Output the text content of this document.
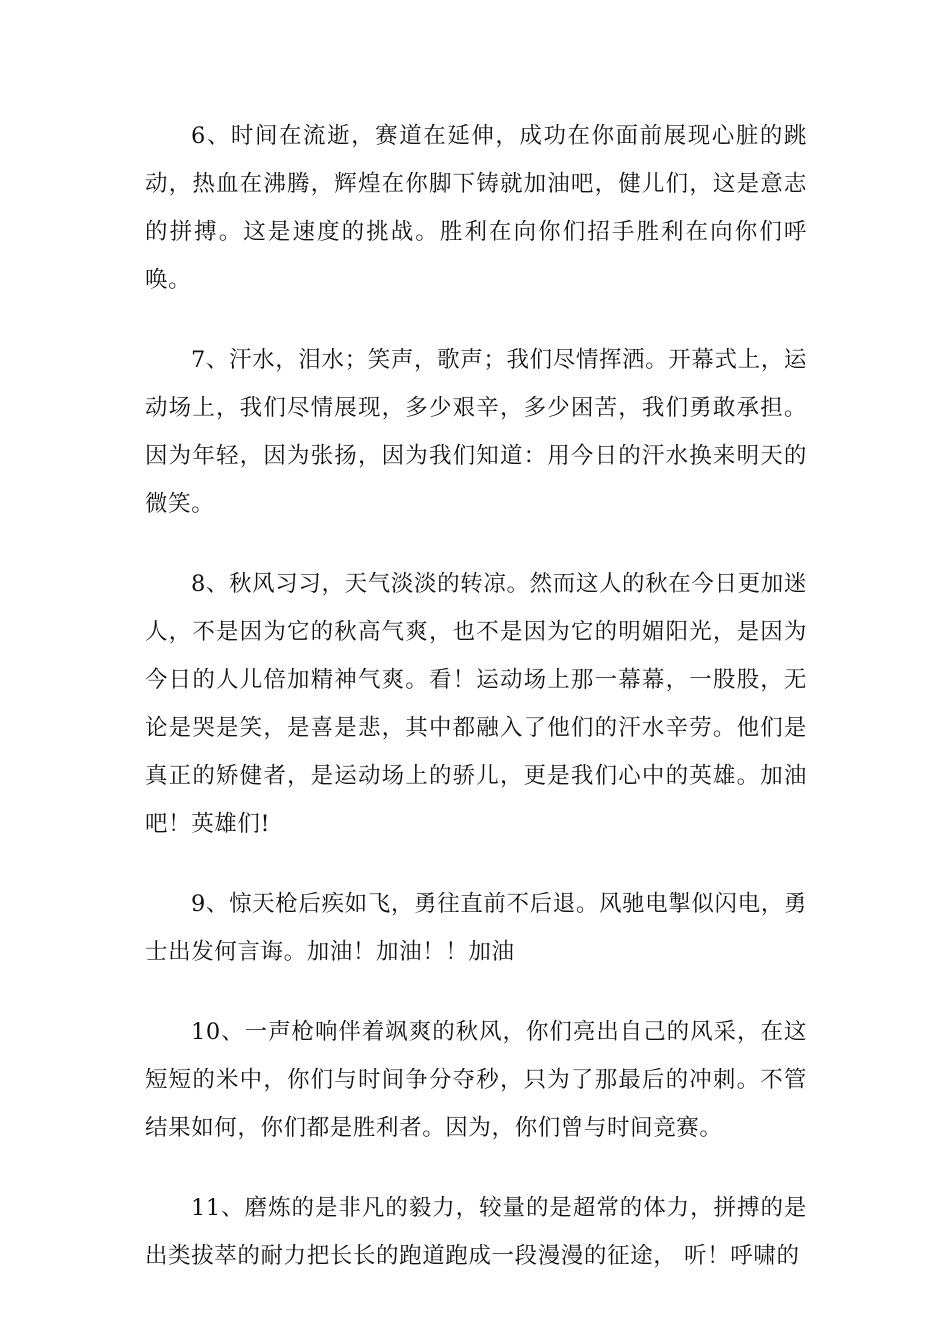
6、时间在流逝，赛道在延伸，成功在你面前展现心脏的跳动，热血在沸腾，辉煌在你脚下铸就加油吧，健儿们，这是意志的拼搏。这是速度的挑战。胜利在向你们招手胜利在向你们呼唤。

7、汗水，泪水；笑声，歌声；我们尽情挥洒。开幕式上，运动场上，我们尽情展现，多少艰辛，多少困苦，我们勇敢承担。因为年轻，因为张扬，因为我们知道：用今日的汗水换来明天的微笑。

8、秋风习习，天气淡淡的转凉。然而这人的秋在今日更加迷人，不是因为它的秋高气爽，也不是因为它的明媚阳光，是因为今日的人儿倍加精神气爽。看！运动场上那一幕幕，一股股，无论是哭是笑，是喜是悲，其中都融入了他们的汗水辛劳。他们是真正的矫健者，是运动场上的骄儿，更是我们心中的英雄。加油吧！英雄们!

9、惊天枪后疾如飞，勇往直前不后退。风驰电掣似闪电，勇士出发何言诲。加油！加油！！加油

10、一声枪响伴着飒爽的秋风，你们亮出自己的风采，在这短短的米中，你们与时间争分夺秒，只为了那最后的冲刺。不管结果如何，你们都是胜利者。因为，你们曾与时间竞赛。

11、磨炼的是非凡的毅力，较量的是超常的体力，拼搏的是出类拔萃的耐力把长长的跑道跑成一段漫漫的征途， 听！呼啸的
